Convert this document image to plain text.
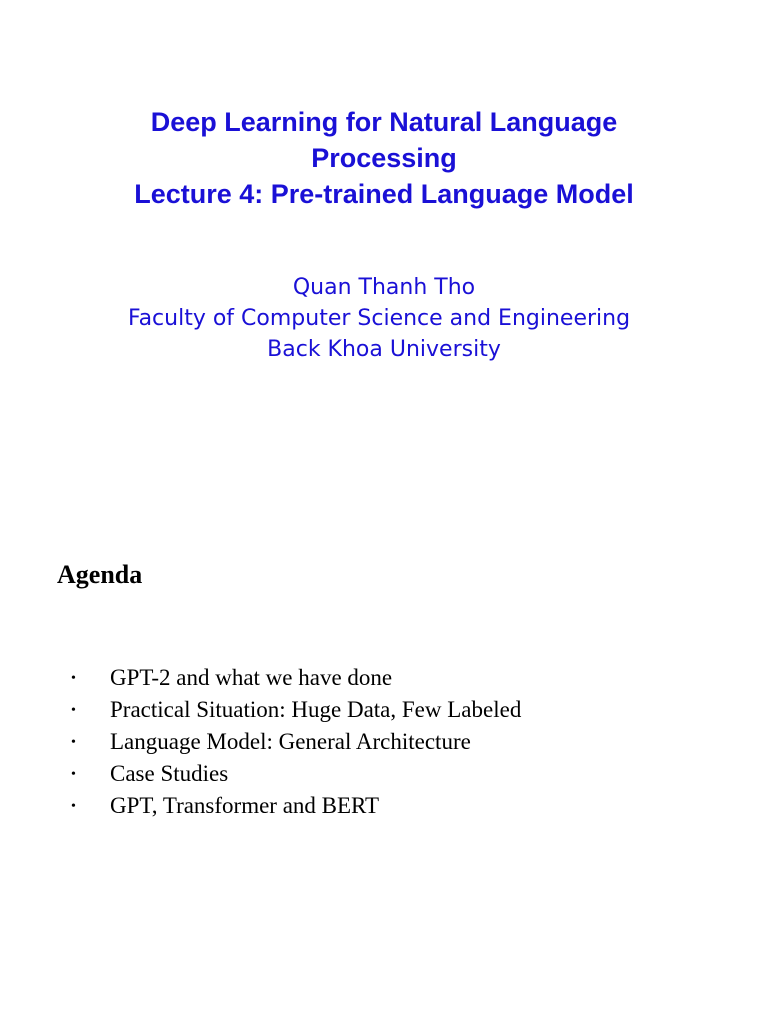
Deep Learning for Natural Language
Processing
Lecture 4: Pre-trained Language Model
Quan Thanh Tho
Faculty of Computer Science and Engineering
Back Khoa University
Agenda
• GPT-2 and what we have done
• Practical Situation: Huge Data, Few Labeled
• Language Model: General Architecture
• Case Studies
• GPT, Transformer and BERT
